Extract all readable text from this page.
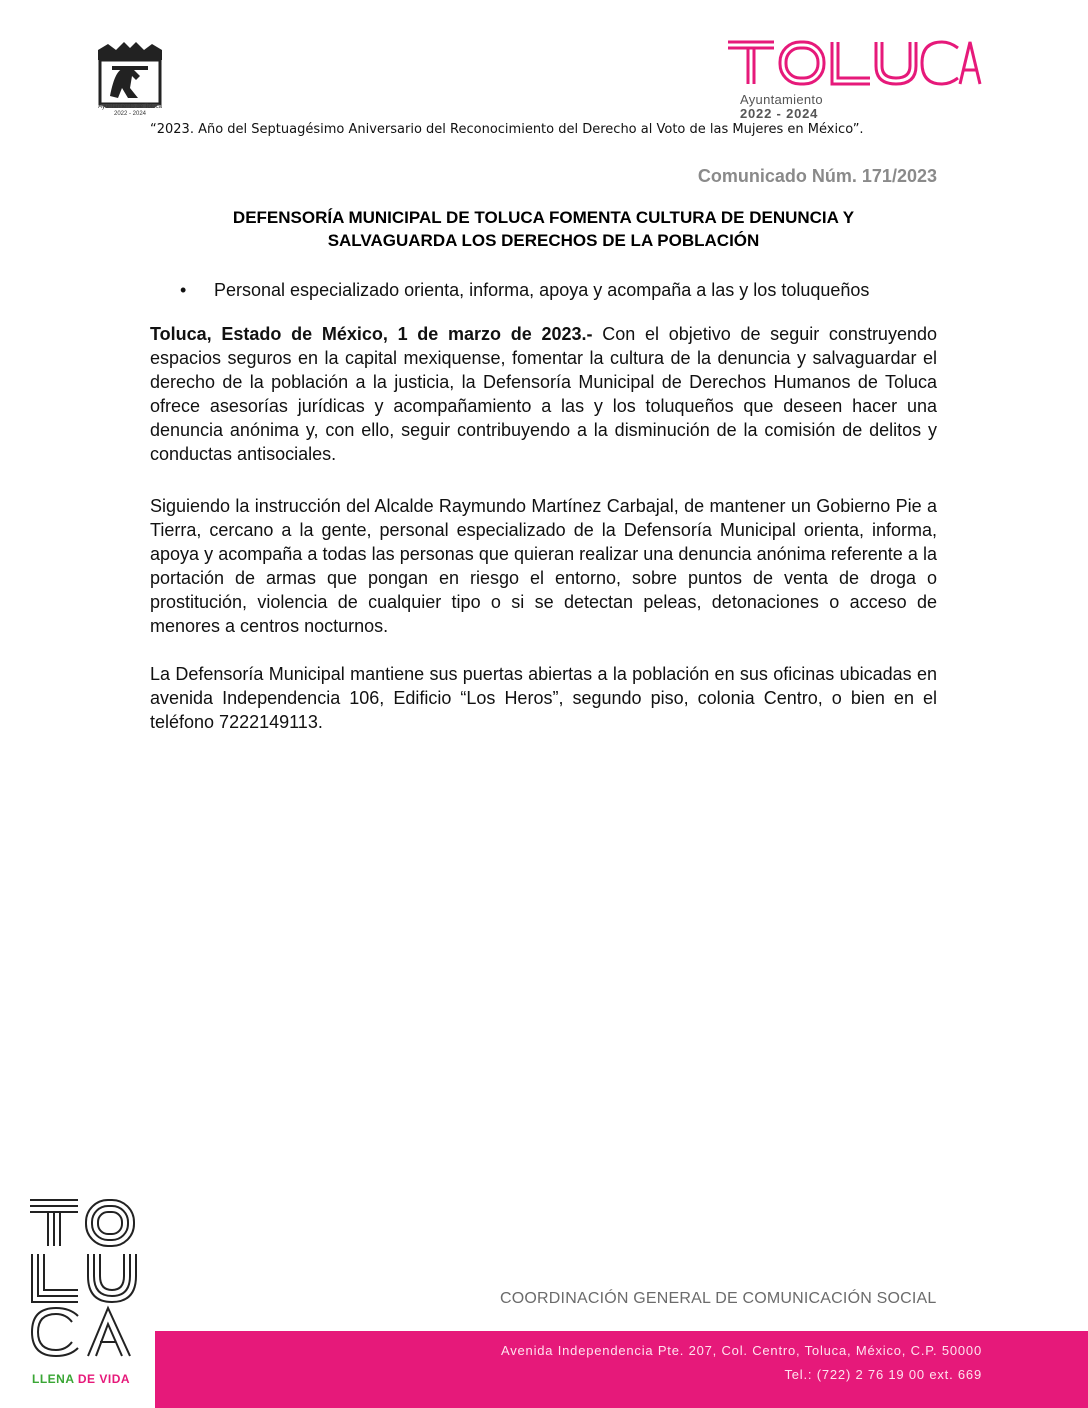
Ayuntamiento de Toluca
2022 - 2024
Ayuntamiento
2022 - 2024
“2023. Año del Septuagésimo Aniversario del Reconocimiento del Derecho al Voto de las Mujeres en México”.
Comunicado Núm. 171/2023
DEFENSORÍA MUNICIPAL DE TOLUCA FOMENTA CULTURA DE DENUNCIA Y
SALVAGUARDA LOS DERECHOS DE LA POBLACIÓN
• Personal especializado orienta, informa, apoya y acompaña a las y los toluqueños
Toluca, Estado de México, 1 de marzo de 2023.- Con el objetivo de seguir construyendo espacios seguros en la capital mexiquense, fomentar la cultura de la denuncia y salvaguardar el derecho de la población a la justicia, la Defensoría Municipal de Derechos Humanos de Toluca ofrece asesorías jurídicas y acompañamiento a las y los toluqueños que deseen hacer una denuncia anónima y, con ello, seguir contribuyendo a la disminución de la comisión de delitos y conductas antisociales.
Siguiendo la instrucción del Alcalde Raymundo Martínez Carbajal, de mantener un Gobierno Pie a Tierra, cercano a la gente, personal especializado de la Defensoría Municipal orienta, informa, apoya y acompaña a todas las personas que quieran realizar una denuncia anónima referente a la portación de armas que pongan en riesgo el entorno, sobre puntos de venta de droga o prostitución, violencia de cualquier tipo o si se detectan peleas, detonaciones o acceso de menores a centros nocturnos.
La Defensoría Municipal mantiene sus puertas abiertas a la población en sus oficinas ubicadas en avenida Independencia 106, Edificio “Los Heros”, segundo piso, colonia Centro, o bien en el teléfono 7222149113.
LLENA DE VIDA
COORDINACIÓN GENERAL DE COMUNICACIÓN SOCIAL
Avenida Independencia Pte. 207, Col. Centro, Toluca, México, C.P. 50000
Tel.: (722) 2 76 19 00 ext. 669
